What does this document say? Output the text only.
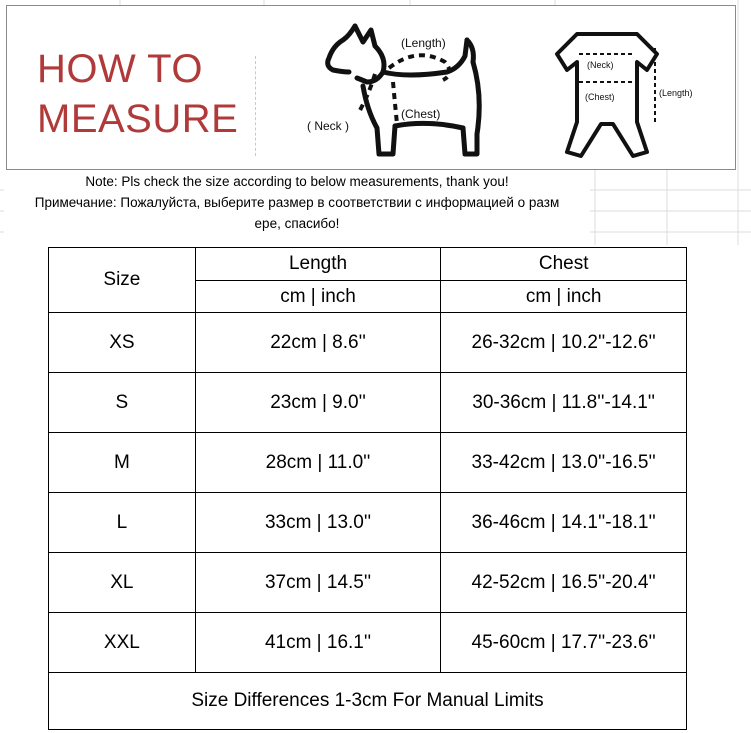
HOW TO
MEASURE
(Length)
( Neck )
(Chest)
(Neck)
(Chest)	(Length)
Note: Pls check the size according to below measurements, thank you!
Примечание: Пожалуйста, выберите размер в соответствии с информацией о разм
ере, спасибо!
Size	Length	Chest
	cm | inch	cm | inch
XS	22cm | 8.6''	26-32cm | 10.2''-12.6''
S	23cm | 9.0''	30-36cm | 11.8''-14.1''
M	28cm | 11.0''	33-42cm | 13.0''-16.5''
L	33cm | 13.0''	36-46cm | 14.1''-18.1''
XL	37cm | 14.5''	42-52cm | 16.5''-20.4''
XXL	41cm | 16.1''	45-60cm | 17.7''-23.6''
Size Differences 1-3cm For Manual Limits		
